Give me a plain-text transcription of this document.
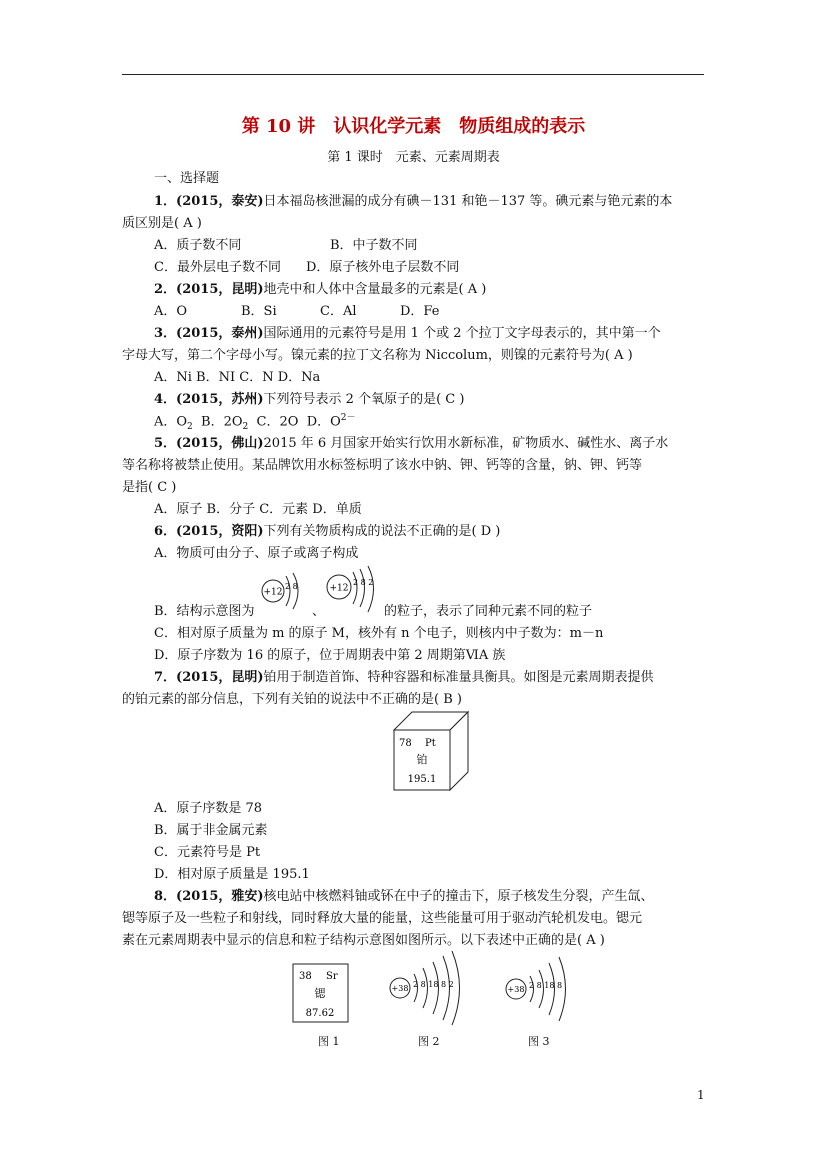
第 10 讲　认识化学元素　物质组成的表示
第 1 课时　元素、元素周期表
一、选择题
1．(2015，泰安)日本福岛核泄漏的成分有碘－131 和铯－137 等。碘元素与铯元素的本
质区别是( A )
A．质子数不同	B．中子数不同
C．最外层电子数不同 D．原子核外电子层数不同
2．(2015，昆明)地壳中和人体中含量最多的元素是( A )
A．O	B．Si	C．Al	D．Fe
3．(2015，泰州)国际通用的元素符号是用 1 个或 2 个拉丁文字母表示的，其中第一个
字母大写，第二个字母小写。镍元素的拉丁文名称为 Niccolum，则镍的元素符号为( A )
A．Ni B．NI C．N D．Na
4．(2015，苏州)下列符号表示 2 个氧原子的是( C )
A．$O_2$ B．$2O_2$ C．2O D．$O^{2-}$
5．(2015，佛山)2015 年 6 月国家开始实行饮用水新标准，矿物质水、碱性水、离子水
等名称将被禁止使用。某品牌饮用水标签标明了该水中钠、钾、钙等的含量，钠、钾、钙等
是指( C )
A．原子 B．分子 C．元素 D．单质
6．(2015，资阳)下列有关物质构成的说法不正确的是( D )
A．物质可由分子、原子或离子构成
+12
2 8
B．结构示意图为	、
+12
2 8 2
的粒子，表示了同种元素不同的粒子
C．相对原子质量为 m 的原子 M，核外有 n 个电子，则核内中子数为：m－n
D．原子序数为 16 的原子，位于周期表中第 2 周期第ⅥA 族
7．(2015，昆明)铂用于制造首饰、特种容器和标准量具衡具。如图是元素周期表提供
的铂元素的部分信息，下列有关铂的说法中不正确的是( B )
78 Pt
铂
195.1
A．原子序数是 78
B．属于非金属元素
C．元素符号是 Pt
D．相对原子质量是 195.1
8．(2015，雅安)核电站中核燃料铀或钚在中子的撞击下，原子核发生分裂，产生氙、
锶等原子及一些粒子和射线，同时释放大量的能量，这些能量可用于驱动汽轮机发电。锶元
素在元素周期表中显示的信息和粒子结构示意图如图所示。以下表述中正确的是( A )
38 Sr
锶
87.62
+38 2 8 18 8 2
+38 2 8 18 8
图 1	图 2	图 3
1
